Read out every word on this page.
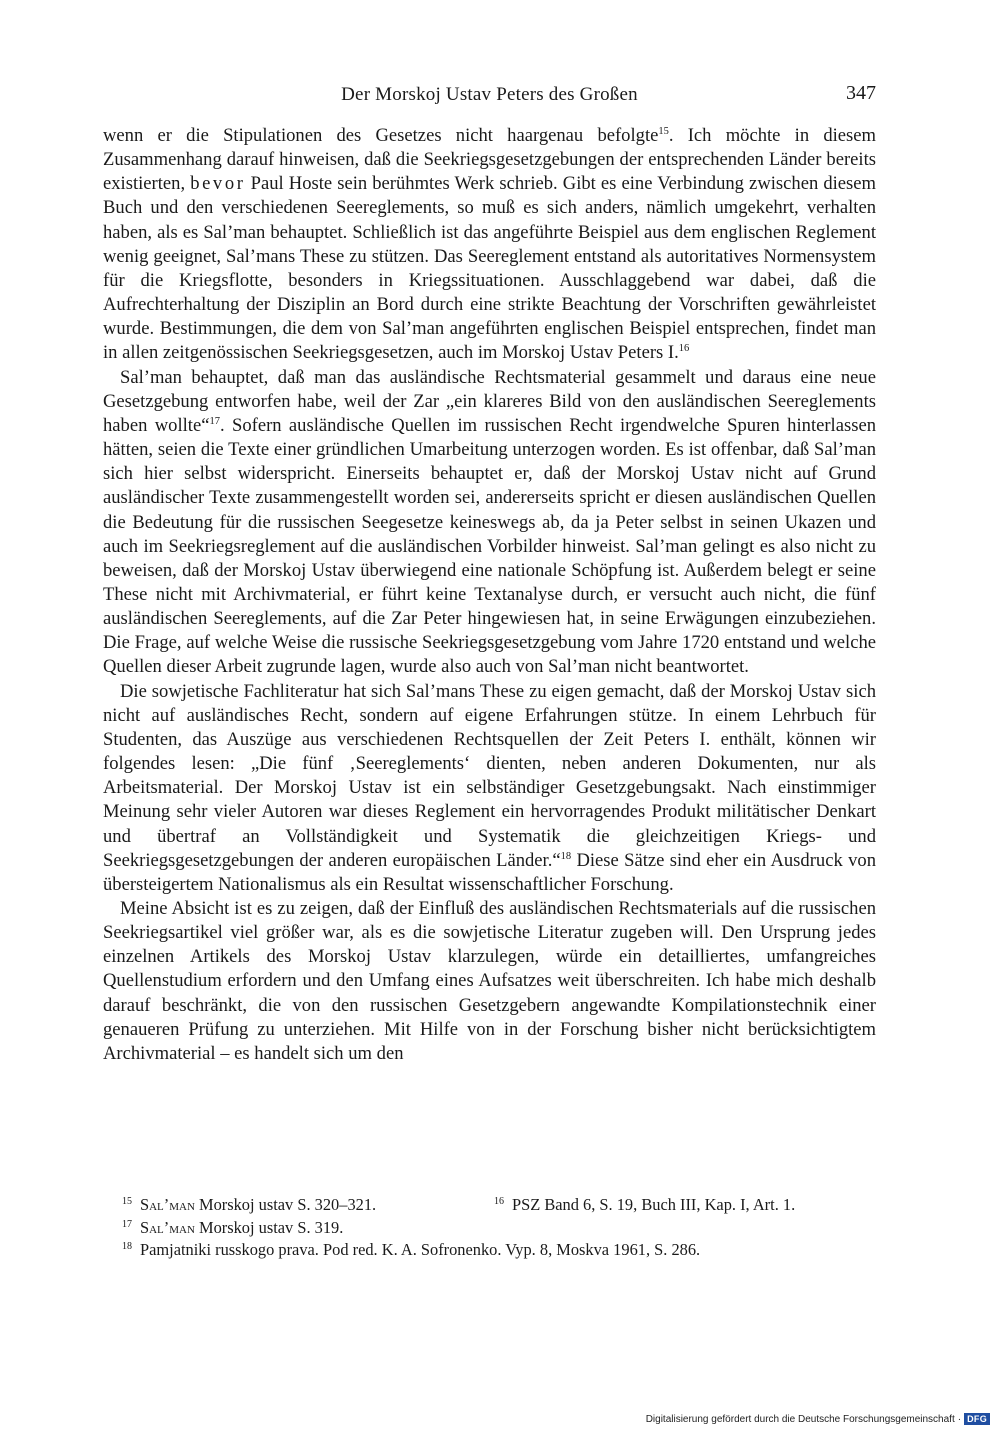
Der Morskoj Ustav Peters des Großen	347

wenn er die Stipulationen des Gesetzes nicht haargenau befolgte$^{15}$. Ich möchte in diesem Zusammenhang darauf hinweisen, daß die Seekriegsgesetzgebungen der entsprechenden Länder bereits existierten, bevor Paul Hoste sein berühmtes Werk schrieb. Gibt es eine Verbindung zwischen diesem Buch und den verschiedenen Seereglements, so muß es sich anders, nämlich umgekehrt, verhalten haben, als es Sal’man behauptet. Schließlich ist das angeführte Beispiel aus dem englischen Reglement wenig geeignet, Sal’mans These zu stützen. Das Seereglement entstand als autoritatives Normensystem für die Kriegsflotte, besonders in Kriegssituationen. Ausschlaggebend war dabei, daß die Aufrechterhaltung der Disziplin an Bord durch eine strikte Beachtung der Vorschriften gewährleistet wurde. Bestimmungen, die dem von Sal’man angeführten englischen Beispiel entsprechen, findet man in allen zeitgenössischen Seekriegsgesetzen, auch im Morskoj Ustav Peters I.$^{16}$

Sal’man behauptet, daß man das ausländische Rechtsmaterial gesammelt und daraus eine neue Gesetzgebung entworfen habe, weil der Zar „ein klareres Bild von den ausländischen Seereglements haben wollte“$^{17}$. Sofern ausländische Quellen im russischen Recht irgendwelche Spuren hinterlassen hätten, seien die Texte einer gründlichen Umarbeitung unterzogen worden. Es ist offenbar, daß Sal’man sich hier selbst widerspricht. Einerseits behauptet er, daß der Morskoj Ustav nicht auf Grund ausländischer Texte zusammengestellt worden sei, andererseits spricht er diesen ausländischen Quellen die Bedeutung für die russischen Seegesetze keineswegs ab, da ja Peter selbst in seinen Ukazen und auch im Seekriegsreglement auf die ausländischen Vorbilder hinweist. Sal’man gelingt es also nicht zu beweisen, daß der Morskoj Ustav überwiegend eine nationale Schöpfung ist. Außerdem belegt er seine These nicht mit Archivmaterial, er führt keine Textanalyse durch, er versucht auch nicht, die fünf ausländischen Seereglements, auf die Zar Peter hingewiesen hat, in seine Erwägungen einzubeziehen. Die Frage, auf welche Weise die russische Seekriegsgesetzgebung vom Jahre 1720 entstand und welche Quellen dieser Arbeit zugrunde lagen, wurde also auch von Sal’man nicht beantwortet.

Die sowjetische Fachliteratur hat sich Sal’mans These zu eigen gemacht, daß der Morskoj Ustav sich nicht auf ausländisches Recht, sondern auf eigene Erfahrungen stütze. In einem Lehrbuch für Studenten, das Auszüge aus verschiedenen Rechtsquellen der Zeit Peters I. enthält, können wir folgendes lesen: „Die fünf ‚Seereglements‘ dienten, neben anderen Dokumenten, nur als Arbeitsmaterial. Der Morskoj Ustav ist ein selbständiger Gesetzgebungsakt. Nach einstimmiger Meinung sehr vieler Autoren war dieses Reglement ein hervorragendes Produkt militätischer Denkart und übertraf an Vollständigkeit und Systematik die gleichzeitigen Kriegs- und Seekriegsgesetzgebungen der anderen europäischen Länder.“$^{18}$ Diese Sätze sind eher ein Ausdruck von übersteigertem Nationalismus als ein Resultat wissenschaftlicher Forschung.

Meine Absicht ist es zu zeigen, daß der Einfluß des ausländischen Rechtsmaterials auf die russischen Seekriegsartikel viel größer war, als es die sowjetische Literatur zugeben will. Den Ursprung jedes einzelnen Artikels des Morskoj Ustav klarzulegen, würde ein detailliertes, umfangreiches Quellenstudium erfordern und den Umfang eines Aufsatzes weit überschreiten. Ich habe mich deshalb darauf beschränkt, die von den russischen Gesetzgebern angewandte Kompilationstechnik einer genaueren Prüfung zu unterziehen. Mit Hilfe von in der Forschung bisher nicht berücksichtigtem Archivmaterial – es handelt sich um den

$^{15}$ Sal’man Morskoj ustav S. 320–321.	$^{16}$ PSZ Band 6, S. 19, Buch III, Kap. I, Art. 1.
$^{17}$ Sal’man Morskoj ustav S. 319.
$^{18}$ Pamjatniki russkogo prava. Pod red. K. A. Sofronenko. Vyp. 8, Moskva 1961, S. 286.
Digitalisierung gefördert durch die Deutsche Forschungsgemeinschaft · DFG
